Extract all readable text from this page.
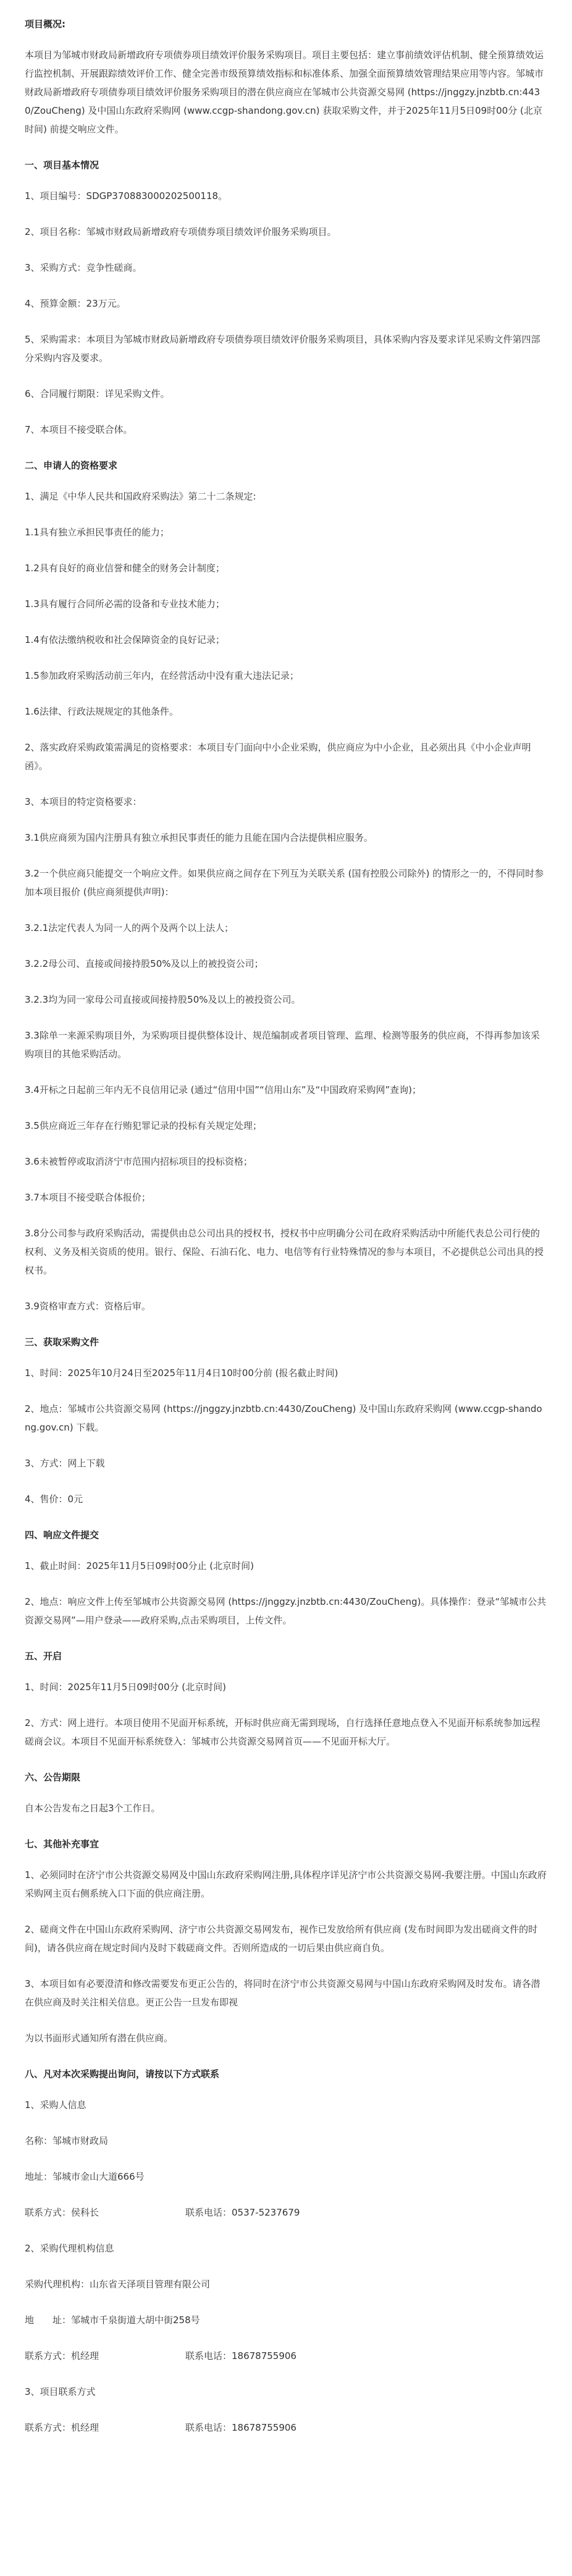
项目概况:
本项目为邹城市财政局新增政府专项债券项目绩效评价服务采购项目。项目主要包括：建立事前绩效评估机制、健全预算绩效运行监控机制、开展跟踪绩效评价工作、健全完善市级预算绩效指标和标准体系、加强全面预算绩效管理结果应用等内容。邹城市财政局新增政府专项债券项目绩效评价服务采购项目的潜在供应商应在邹城市公共资源交易网 (https://jnggzy.jnzbtb.cn:4430/ZouCheng) 及中国山东政府采购网 (www.ccgp-shandong.gov.cn) 获取采购文件，并于2025年11月5日09时00分 (北京时间) 前提交响应文件。
一、项目基本情况
1、项目编号：SDGP370883000202500118。
2、项目名称：邹城市财政局新增政府专项债券项目绩效评价服务采购项目。
3、采购方式：竞争性磋商。
4、预算金额：23万元。
5、采购需求：本项目为邹城市财政局新增政府专项债券项目绩效评价服务采购项目，具体采购内容及要求详见采购文件第四部分采购内容及要求。
6、合同履行期限：详见采购文件。
7、本项目不接受联合体。
二、申请人的资格要求
1、满足《中华人民共和国政府采购法》第二十二条规定:
1.1具有独立承担民事责任的能力；
1.2具有良好的商业信誉和健全的财务会计制度；
1.3具有履行合同所必需的设备和专业技术能力；
1.4有依法缴纳税收和社会保障资金的良好记录；
1.5参加政府采购活动前三年内，在经营活动中没有重大违法记录；
1.6法律、行政法规规定的其他条件。
2、落实政府采购政策需满足的资格要求：本项目专门面向中小企业采购，供应商应为中小企业，且必须出具《中小企业声明函》。
3、本项目的特定资格要求：
3.1供应商须为国内注册具有独立承担民事责任的能力且能在国内合法提供相应服务。
3.2一个供应商只能提交一个响应文件。如果供应商之间存在下列互为关联关系 (国有控股公司除外) 的情形之一的，不得同时参加本项目报价 (供应商须提供声明)：
3.2.1法定代表人为同一人的两个及两个以上法人；
3.2.2母公司、直接或间接持股50%及以上的被投资公司；
3.2.3均为同一家母公司直接或间接持股50%及以上的被投资公司。
3.3除单一来源采购项目外，为采购项目提供整体设计、规范编制或者项目管理、监理、检测等服务的供应商，不得再参加该采购项目的其他采购活动。
3.4开标之日起前三年内无不良信用记录 (通过“信用中国”“信用山东”及“中国政府采购网”查询)；
3.5供应商近三年存在行贿犯罪记录的投标有关规定处理；
3.6未被暂停或取消济宁市范围内招标项目的投标资格；
3.7本项目不接受联合体报价；
3.8分公司参与政府采购活动，需提供由总公司出具的授权书，授权书中应明确分公司在政府采购活动中所能代表总公司行使的权利、义务及相关资质的使用。银行、保险、石油石化、电力、电信等有行业特殊情况的参与本项目，不必提供总公司出具的授权书。
3.9资格审查方式：资格后审。
三、获取采购文件
1、时间：2025年10月24日至2025年11月4日10时00分前 (报名截止时间)
2、地点：邹城市公共资源交易网 (https://jnggzy.jnzbtb.cn:4430/ZouCheng) 及中国山东政府采购网 (www.ccgp-shandong.gov.cn) 下载。
3、方式：网上下载
4、售价：0元
四、响应文件提交
1、截止时间：2025年11月5日09时00分止 (北京时间)
2、地点：响应文件上传至邹城市公共资源交易网 (https://jnggzy.jnzbtb.cn:4430/ZouCheng)。具体操作：登录“邹城市公共资源交易网”—用户登录——政府采购,点击采购项目，上传文件。
五、开启
1、时间：2025年11月5日09时00分 (北京时间)
2、方式：网上进行。本项目使用不见面开标系统，开标时供应商无需到现场，自行选择任意地点登入不见面开标系统参加远程磋商会议。本项目不见面开标系统登入：邹城市公共资源交易网首页——不见面开标大厅。
六、公告期限
自本公告发布之日起3个工作日。
七、其他补充事宜
1、必须同时在济宁市公共资源交易网及中国山东政府采购网注册,具体程序详见济宁市公共资源交易网-我要注册。中国山东政府采购网主页右侧系统入口下面的供应商注册。
2、磋商文件在中国山东政府采购网、济宁市公共资源交易网发布，视作已发放给所有供应商 (发布时间即为发出磋商文件的时间)，请各供应商在规定时间内及时下载磋商文件。否则所造成的一切后果由供应商自负。
3、本项目如有必要澄清和修改需要发布更正公告的，将同时在济宁市公共资源交易网与中国山东政府采购网及时发布。请各潜在供应商及时关注相关信息。更正公告一旦发布即视
为以书面形式通知所有潜在供应商。
八、凡对本次采购提出询问，请按以下方式联系
1、采购人信息
名称：邹城市财政局
地址：邹城市金山大道666号
联系方式：侯科长	联系电话：0537-5237679
2、采购代理机构信息
采购代理机构：山东省天泽项目管理有限公司
地　　址：邹城市千泉街道大胡中街258号
联系方式：机经理	联系电话：18678755906
3、项目联系方式
联系方式：机经理	联系电话：18678755906
